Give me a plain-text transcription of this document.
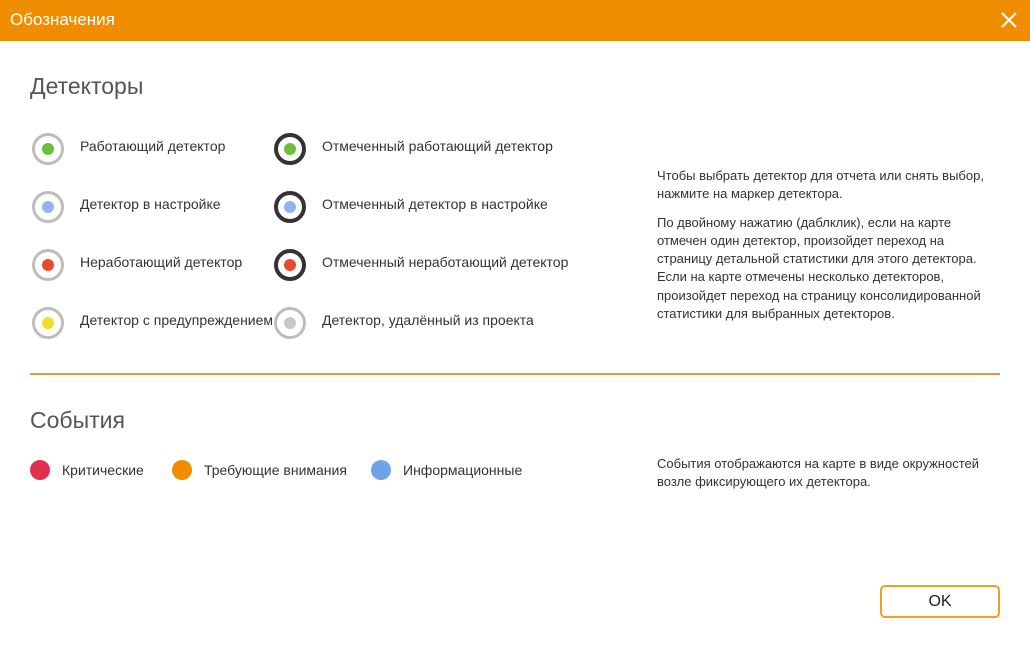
Обозначения
Детекторы
Работающий детектор
Детектор в настройке
Неработающий детектор
Детектор с предупреждением
Отмеченный работающий детектор
Отмеченный детектор в настройке
Отмеченный неработающий детектор
Детектор, удалённый из проекта

Чтобы выбрать детектор для отчета или снять выбор, нажмите на маркер детектора.

По двойному нажатию (даблклик), если на карте отмечен один детектор, произойдет переход на страницу детальной статистики для этого детектора. Если на карте отмечены несколько детекторов, произойдет переход на страницу консолидированной статистики для выбранных детекторов.

События
Критические	Требующие внимания	Информационные	События отображаются на карте в виде окружностей возле фиксирующего их детектора.

OK
